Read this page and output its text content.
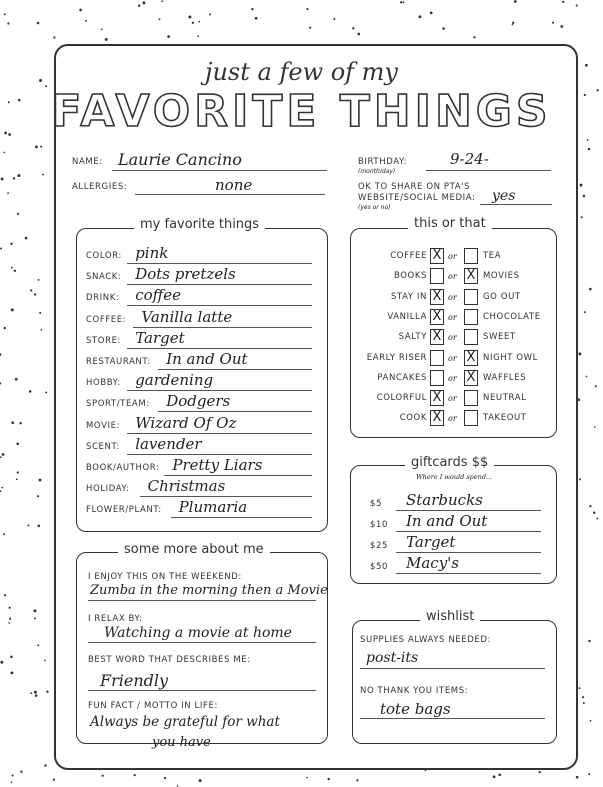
just a few of my
FAVORITE THINGS
NAME: Laurie Cancino
ALLERGIES:	none
BIRTHDAY:
(month/day)
9-24-
OK TO SHARE ON PTA'S
WEBSITE/SOCIAL MEDIA:
(yes or no)
yes
my favorite things
COLOR: pink
SNACK: Dots pretzels
DRINK: coffee
COFFEE: Vanilla latte
STORE: Target
RESTAURANT: In and Out
HOBBY: gardening
SPORT/TEAM: Dodgers
MOVIE: Wizard Of Oz
SCENT: lavender
BOOK/AUTHOR: Pretty Liars
HOLIDAY: Christmas
FLOWER/PLANT: Plumaria
this or that
COFFEE X or	TEA
BOOKS	or X MOVIES
STAY IN X or	GO OUT
VANILLA X or	CHOCOLATE
SALTY X or	SWEET
EARLY RISER	or X NIGHT OWL
PANCAKES	or X WAFFLES
COLORFUL X or	NEUTRAL
COOK X or	TAKEOUT
giftcards $$
Where I would spend...
$5 Starbucks
$10 In and Out
$25 Target
$50 Macy's
some more about me
I ENJOY THIS ON THE WEEKEND:
Zumba in the morning then a Movie
I RELAX BY:
Watching a movie at home
BEST WORD THAT DESCRIBES ME:
Friendly
FUN FACT / MOTTO IN LIFE:
Always be grateful for what
you have
wishlist
SUPPLIES ALWAYS NEEDED:
post-its
NO THANK YOU ITEMS:
tote bags
